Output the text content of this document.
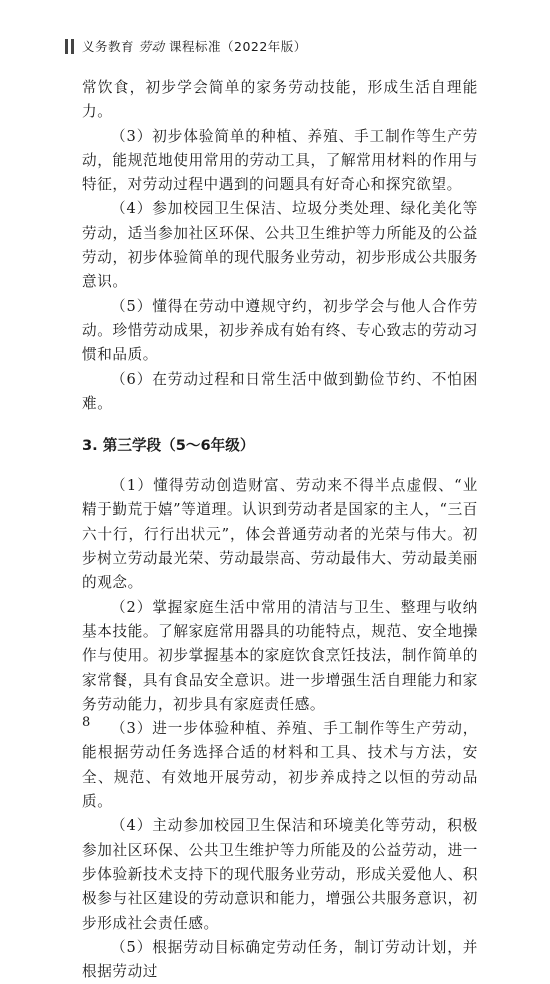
义务教育 劳动 课程标准（2022年版）

常饮食，初步学会简单的家务劳动技能，形成生活自理能力。

（3）初步体验简单的种植、养殖、手工制作等生产劳动，能规范地使用常用的劳动工具，了解常用材料的作用与特征，对劳动过程中遇到的问题具有好奇心和探究欲望。

（4）参加校园卫生保洁、垃圾分类处理、绿化美化等劳动，适当参加社区环保、公共卫生维护等力所能及的公益劳动，初步体验简单的现代服务业劳动，初步形成公共服务意识。

（5）懂得在劳动中遵规守约，初步学会与他人合作劳动。珍惜劳动成果，初步养成有始有终、专心致志的劳动习惯和品质。

（6）在劳动过程和日常生活中做到勤俭节约、不怕困难。

3. 第三学段（5～6年级）

（1）懂得劳动创造财富、劳动来不得半点虚假、“业精于勤荒于嬉”等道理。认识到劳动者是国家的主人，“三百六十行，行行出状元”，体会普通劳动者的光荣与伟大。初步树立劳动最光荣、劳动最崇高、劳动最伟大、劳动最美丽的观念。

（2）掌握家庭生活中常用的清洁与卫生、整理与收纳基本技能。了解家庭常用器具的功能特点，规范、安全地操作与使用。初步掌握基本的家庭饮食烹饪技法，制作简单的家常餐，具有食品安全意识。进一步增强生活自理能力和家务劳动能力，初步具有家庭责任感。

（3）进一步体验种植、养殖、手工制作等生产劳动，能根据劳动任务选择合适的材料和工具、技术与方法，安全、规范、有效地开展劳动，初步养成持之以恒的劳动品质。

（4）主动参加校园卫生保洁和环境美化等劳动，积极参加社区环保、公共卫生维护等力所能及的公益劳动，进一步体验新技术支持下的现代服务业劳动，形成关爱他人、积极参与社区建设的劳动意识和能力，增强公共服务意识，初步形成社会责任感。

（5）根据劳动目标确定劳动任务，制订劳动计划，并根据劳动过

8
